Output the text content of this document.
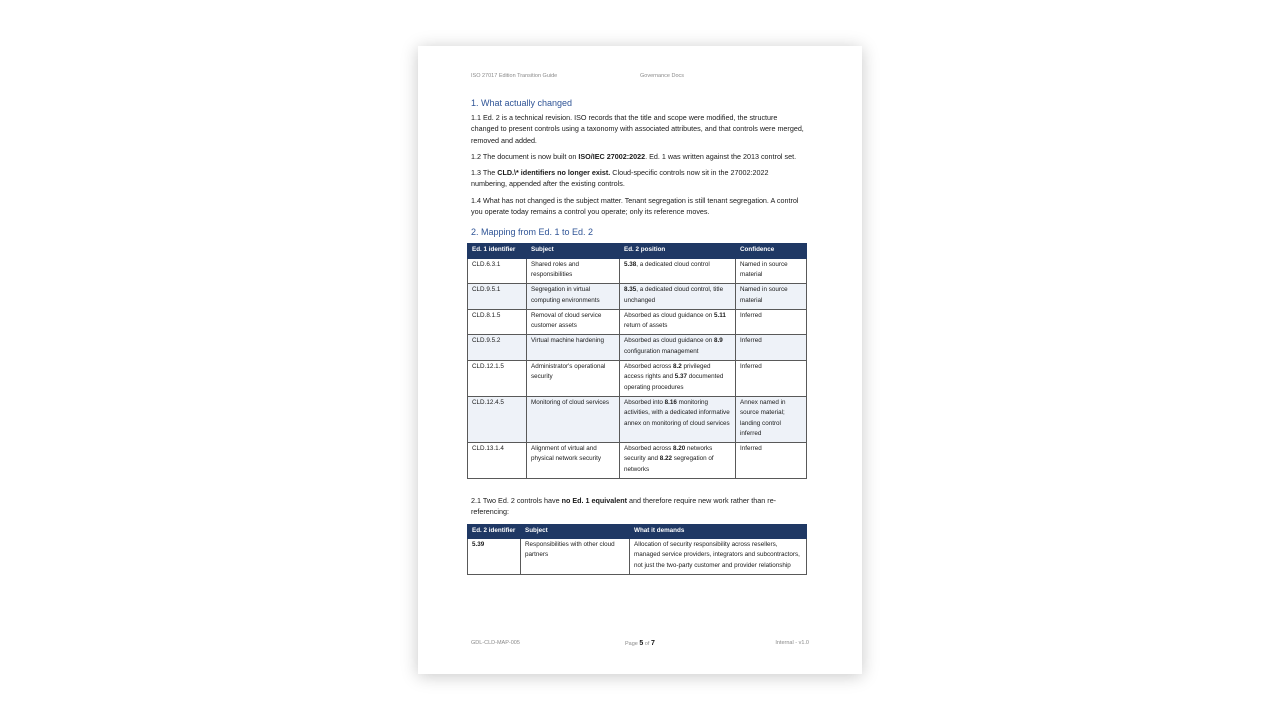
ISO 27017 Edition Transition Guide	Governance Docs
1. What actually changed

1.1 Ed. 2 is a technical revision. ISO records that the title and scope were modified, the structure changed to present controls using a taxonomy with associated attributes, and that controls were merged, removed and added.

1.2 The document is now built on ISO/IEC 27002:2022. Ed. 1 was written against the 2013 control set.

1.3 The CLD.\* identifiers no longer exist. Cloud-specific controls now sit in the 27002:2022 numbering, appended after the existing controls.

1.4 What has not changed is the subject matter. Tenant segregation is still tenant segregation. A control you operate today remains a control you operate; only its reference moves.

2. Mapping from Ed. 1 to Ed. 2
Ed. 1 identifier	Subject	Ed. 2 position	Confidence
CLD.6.3.1	Shared roles and responsibilities	5.38, a dedicated cloud control	Named in source material
CLD.9.5.1	Segregation in virtual computing environments	8.35, a dedicated cloud control, title unchanged	Named in source material
CLD.8.1.5	Removal of cloud service customer assets	Absorbed as cloud guidance on 5.11 return of assets	Inferred
CLD.9.5.2	Virtual machine hardening	Absorbed as cloud guidance on 8.9 configuration management	Inferred
CLD.12.1.5	Administrator's operational security	Absorbed across 8.2 privileged access rights and 5.37 documented operating procedures	Inferred
CLD.12.4.5	Monitoring of cloud services	Absorbed into 8.16 monitoring activities, with a dedicated informative annex on monitoring of cloud services	Annex named in source material; landing control inferred
CLD.13.1.4	Alignment of virtual and physical network security	Absorbed across 8.20 networks security and 8.22 segregation of networks	Inferred

2.1 Two Ed. 2 controls have no Ed. 1 equivalent and therefore require new work rather than re-referencing:

Ed. 2 identifier	Subject	What it demands
5.39	Responsibilities with other cloud partners	Allocation of security responsibility across resellers, managed service providers, integrators and subcontractors, not just the two-party customer and provider relationship
GDL-CLD-MAP-005	Page 5 of 7	Internal - v1.0
